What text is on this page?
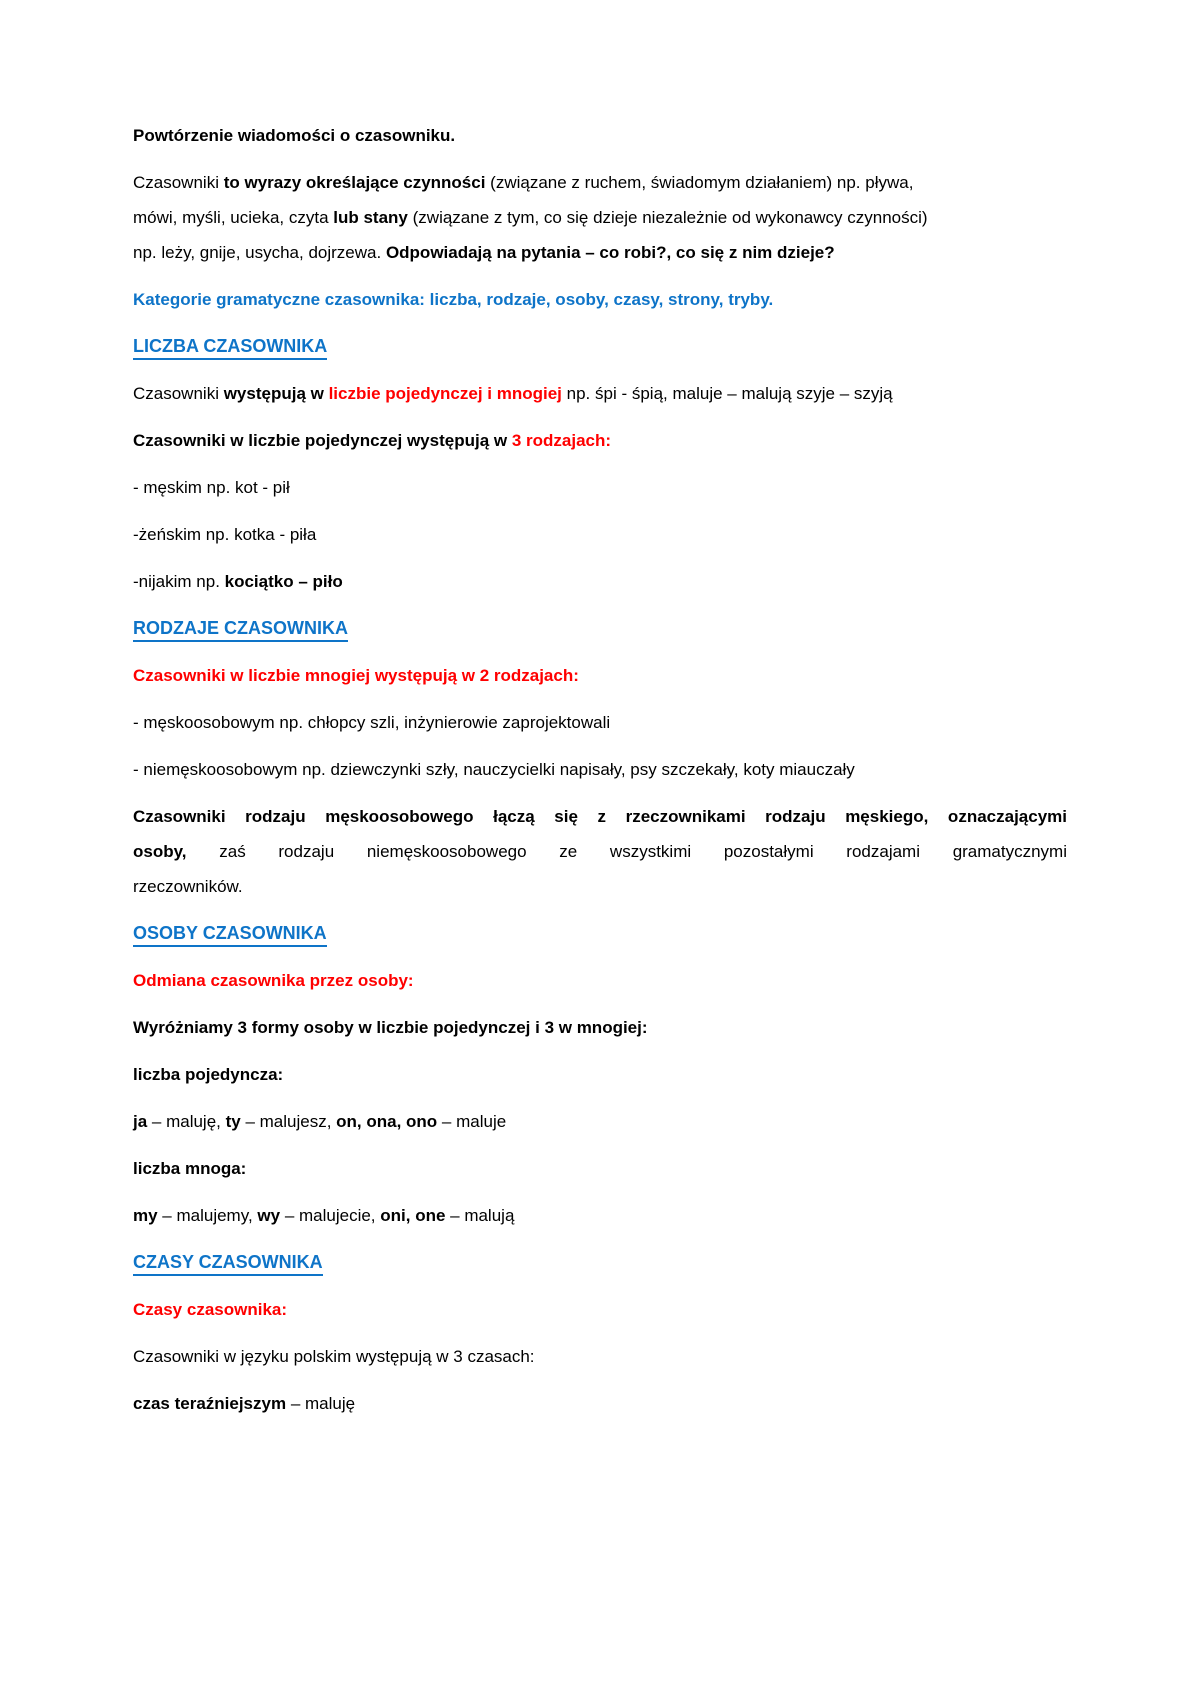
Powtórzenie wiadomości o czasowniku.

Czasowniki to wyrazy określające czynności (związane z ruchem, świadomym działaniem) np. pływa,
mówi, myśli, ucieka, czyta lub stany (związane z tym, co się dzieje niezależnie od wykonawcy czynności)
np. leży, gnije, usycha, dojrzewa. Odpowiadają na pytania – co robi?, co się z nim dzieje?

Kategorie gramatyczne czasownika: liczba, rodzaje, osoby, czasy, strony, tryby.

LICZBA CZASOWNIKA

Czasowniki występują w liczbie pojedynczej i mnogiej np. śpi - śpią, maluje – malują szyje – szyją

Czasowniki w liczbie pojedynczej występują w 3 rodzajach:

- męskim np. kot - pił

-żeńskim np. kotka - piła

-nijakim np. kociątko – piło

RODZAJE CZASOWNIKA

Czasowniki w liczbie mnogiej występują w 2 rodzajach:

- męskoosobowym np. chłopcy szli, inżynierowie zaprojektowali

- niemęskoosobowym np. dziewczynki szły, nauczycielki napisały, psy szczekały, koty miauczały

Czasowniki rodzaju męskoosobowego łączą się z rzeczownikami rodzaju męskiego, oznaczającymi
osoby, zaś rodzaju niemęskoosobowego ze wszystkimi pozostałymi rodzajami gramatycznymi
rzeczowników.

OSOBY CZASOWNIKA

Odmiana czasownika przez osoby:

Wyróżniamy 3 formy osoby w liczbie pojedynczej i 3 w mnogiej:

liczba pojedyncza:

ja – maluję, ty – malujesz, on, ona, ono – maluje

liczba mnoga:

my – malujemy, wy – malujecie, oni, one – malują

CZASY CZASOWNIKA

Czasy czasownika:

Czasowniki w języku polskim występują w 3 czasach:

czas teraźniejszym – maluję
